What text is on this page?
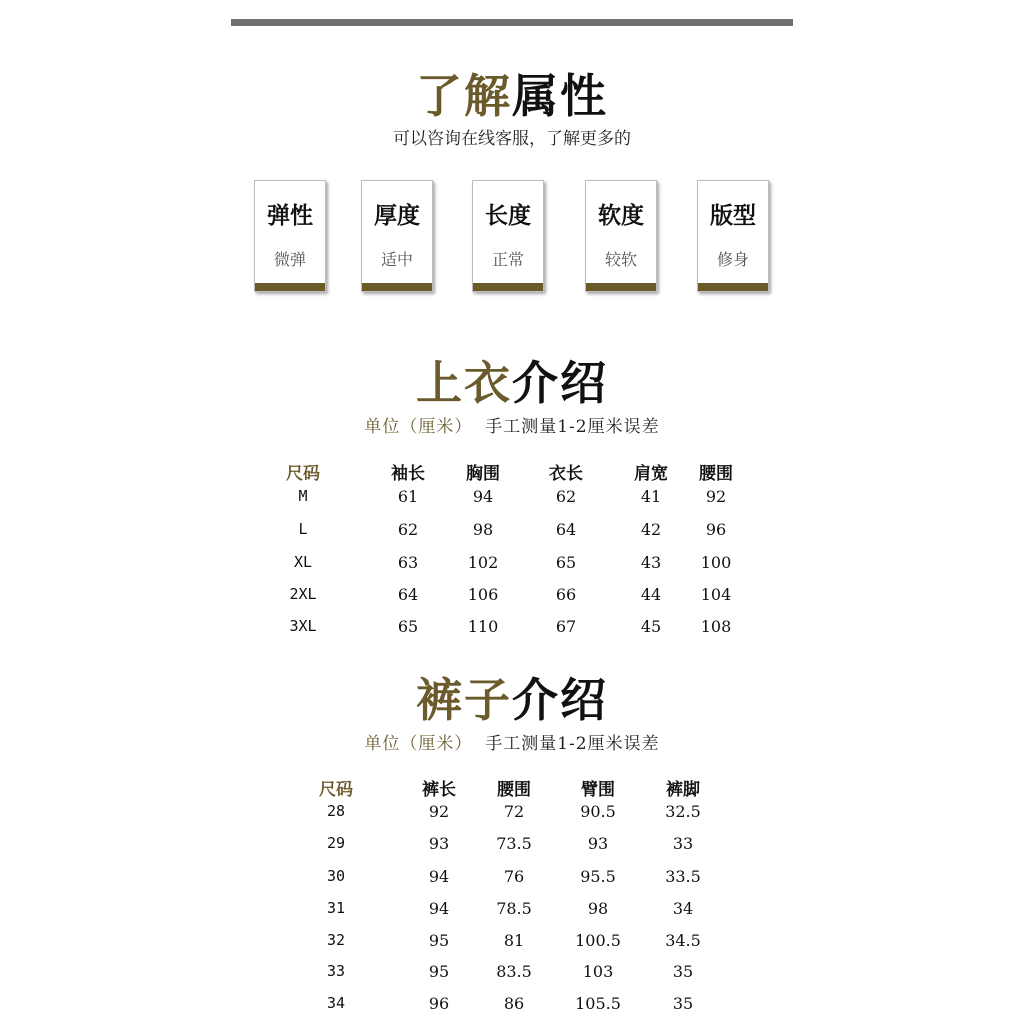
了解属性
可以咨询在线客服，了解更多的
弹性
微弹
厚度
适中
长度
正常
软度
较软
版型
修身
上衣介绍
单位（厘米） 手工测量1-2厘米误差
尺码	袖长 胸围	衣长	肩宽 腰围
M	61	94	62	41	92
L	62	98	64	42	96
XL	63	102	65	43 100
2XL	64	106	66	44 104
3XL	65	110	67	45 108
裤子介绍
单位（厘米） 手工测量1-2厘米误差
尺码	裤长 腰围	臂围	裤脚
28	92	72	90.5	32.5
29	93	73.5	93	33
30	94	76	95.5	33.5
31	94	78.5	98	34
32	95	81	100.5	34.5
33	95	83.5	103	35
34	96	86	105.5	35
